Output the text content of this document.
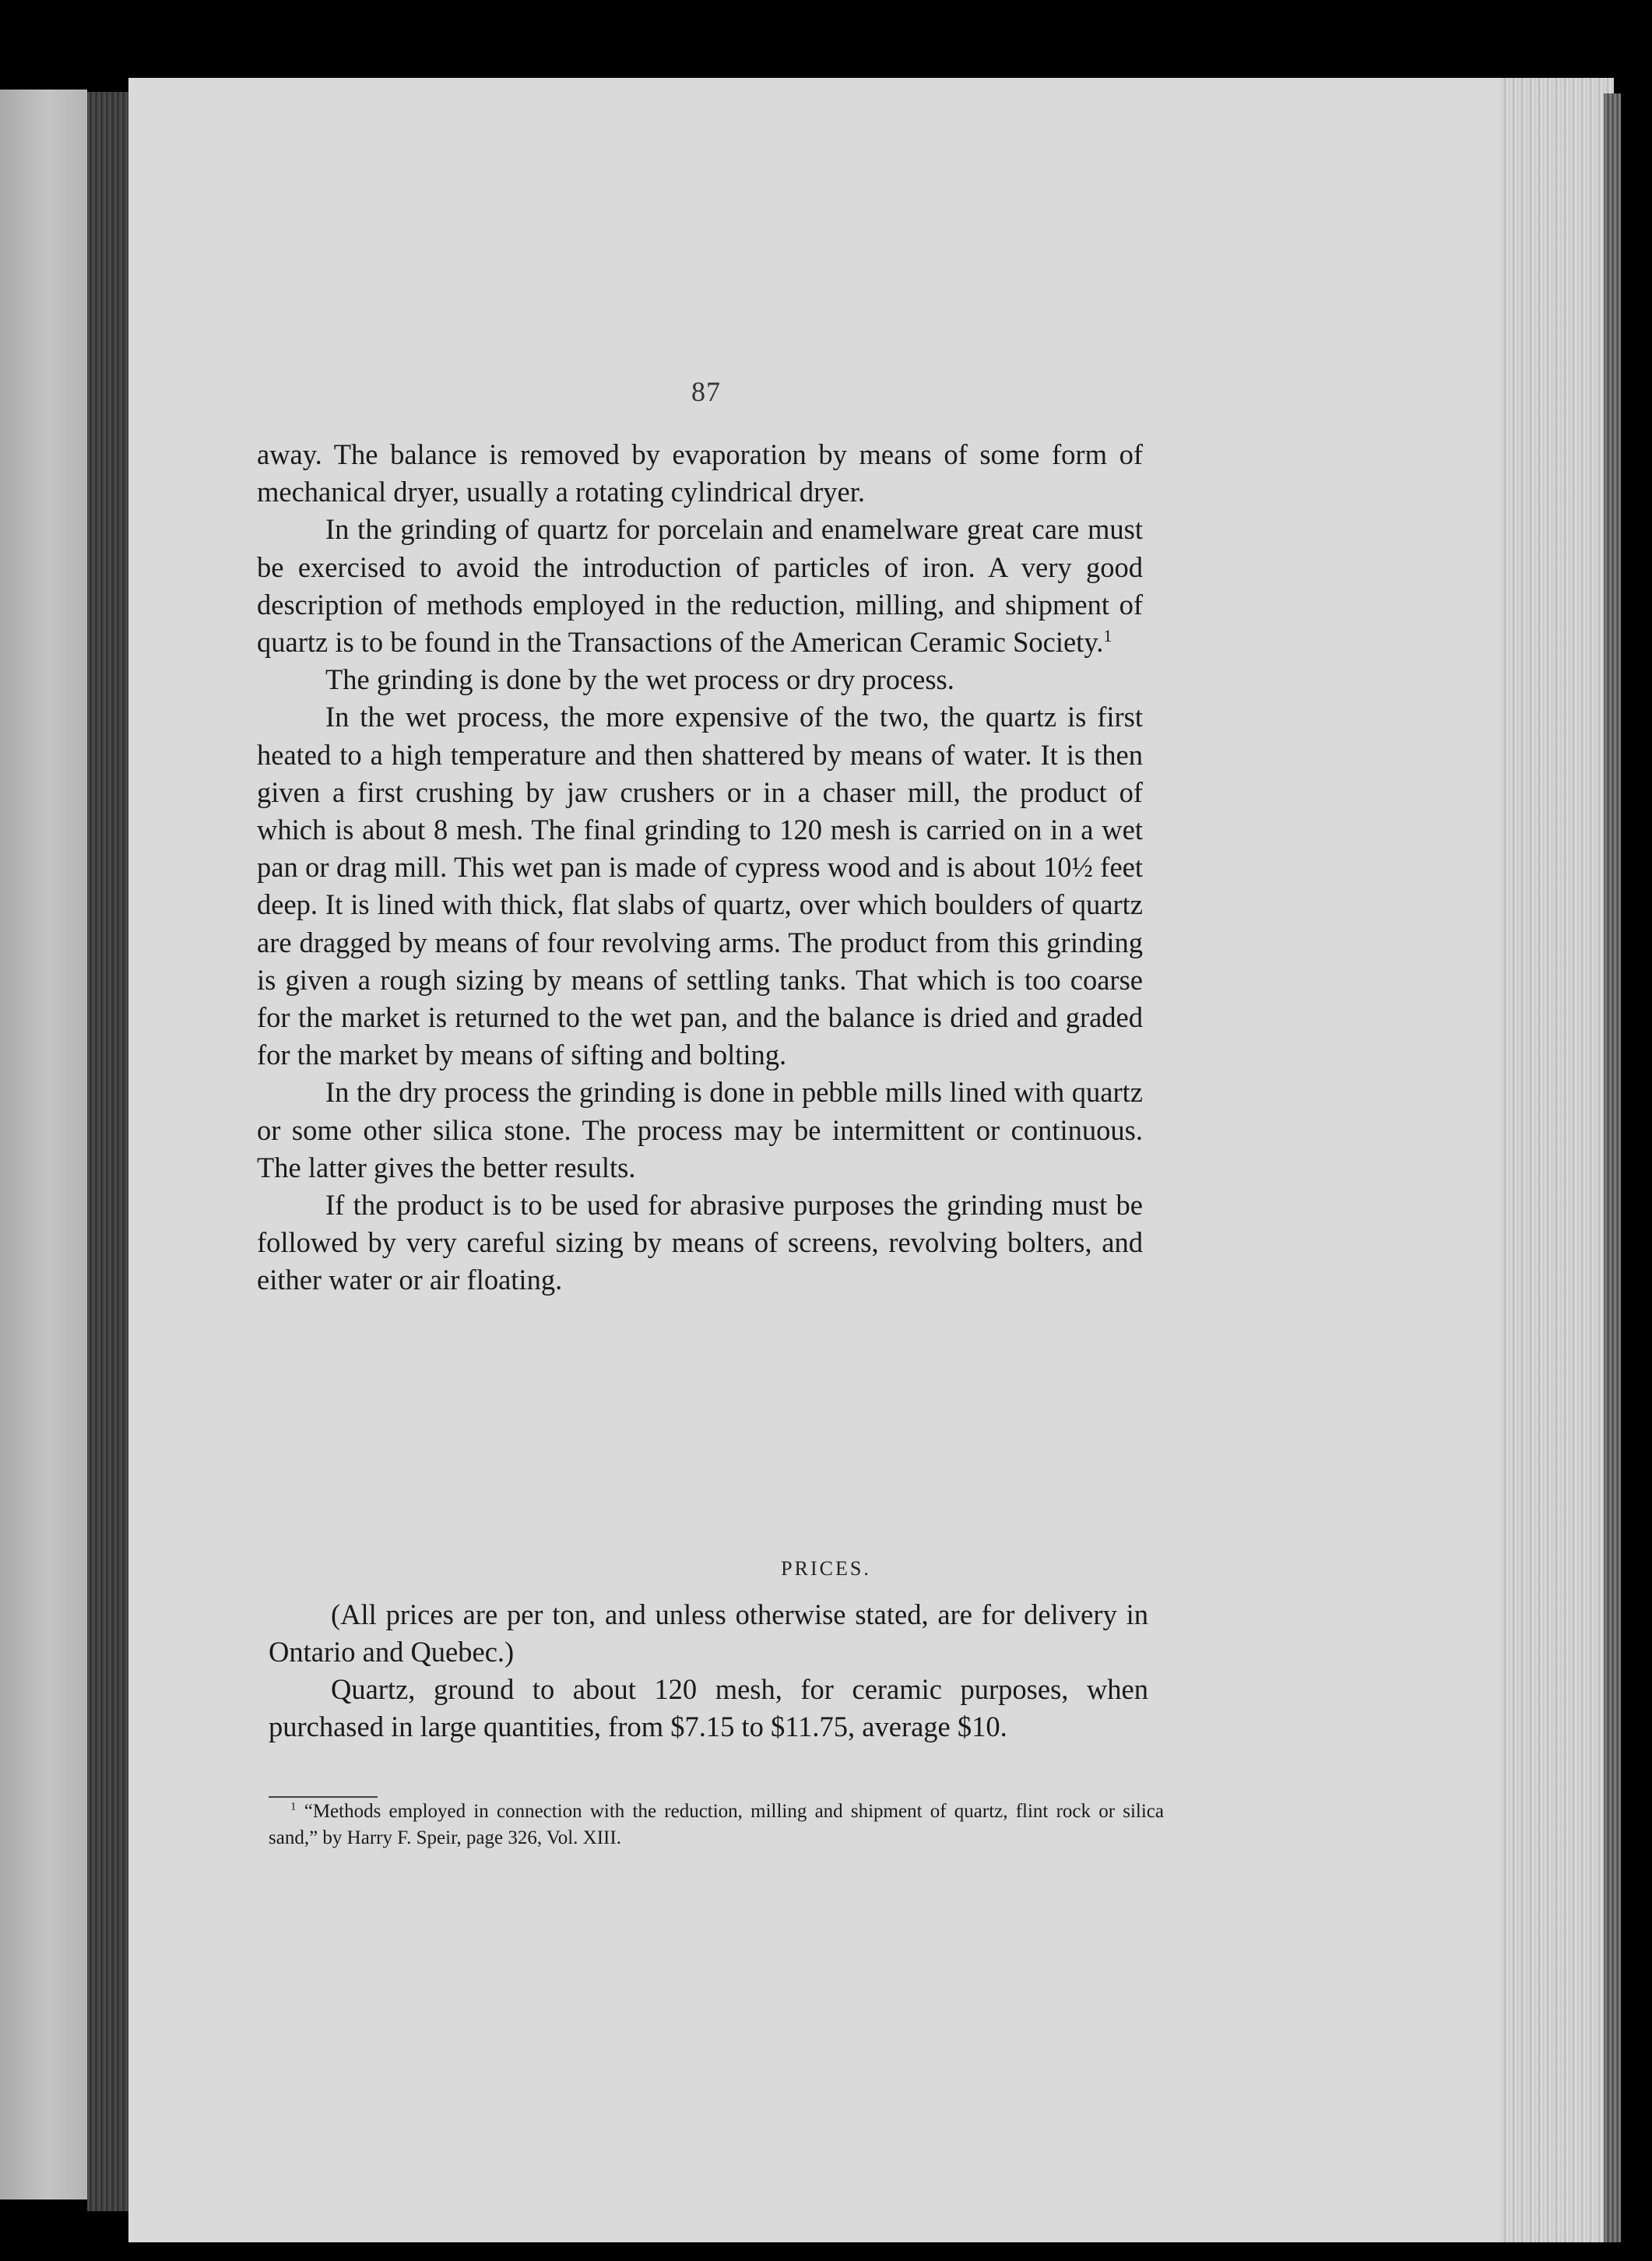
87

away. The balance is removed by evaporation by means of some form of mechanical dryer, usually a rotating cylindrical dryer.

In the grinding of quartz for porcelain and enamelware great care must be exercised to avoid the introduction of particles of iron. A very good description of methods employed in the reduction, milling, and shipment of quartz is to be found in the Transactions of the American Ceramic Society.$^1$

The grinding is done by the wet process or dry process.

In the wet process, the more expensive of the two, the quartz is first heated to a high temperature and then shattered by means of water. It is then given a first crushing by jaw crushers or in a chaser mill, the product of which is about 8 mesh. The final grinding to 120 mesh is carried on in a wet pan or drag mill. This wet pan is made of cypress wood and is about 10½ feet deep. It is lined with thick, flat slabs of quartz, over which boulders of quartz are dragged by means of four revolving arms. The product from this grinding is given a rough sizing by means of settling tanks. That which is too coarse for the market is returned to the wet pan, and the balance is dried and graded for the market by means of sifting and bolting.

In the dry process the grinding is done in pebble mills lined with quartz or some other silica stone. The process may be intermittent or continuous. The latter gives the better results.

If the product is to be used for abrasive purposes the grinding must be followed by very careful sizing by means of screens, revolving bolters, and either water or air floating.

PRICES.

(All prices are per ton, and unless otherwise stated, are for delivery in Ontario and Quebec.)

Quartz, ground to about 120 mesh, for ceramic purposes, when purchased in large quantities, from $7.15 to $11.75, average $10.

$^1$ “Methods employed in connection with the reduction, milling and shipment of quartz, flint rock or silica sand,” by Harry F. Speir, page 326, Vol. XIII.
